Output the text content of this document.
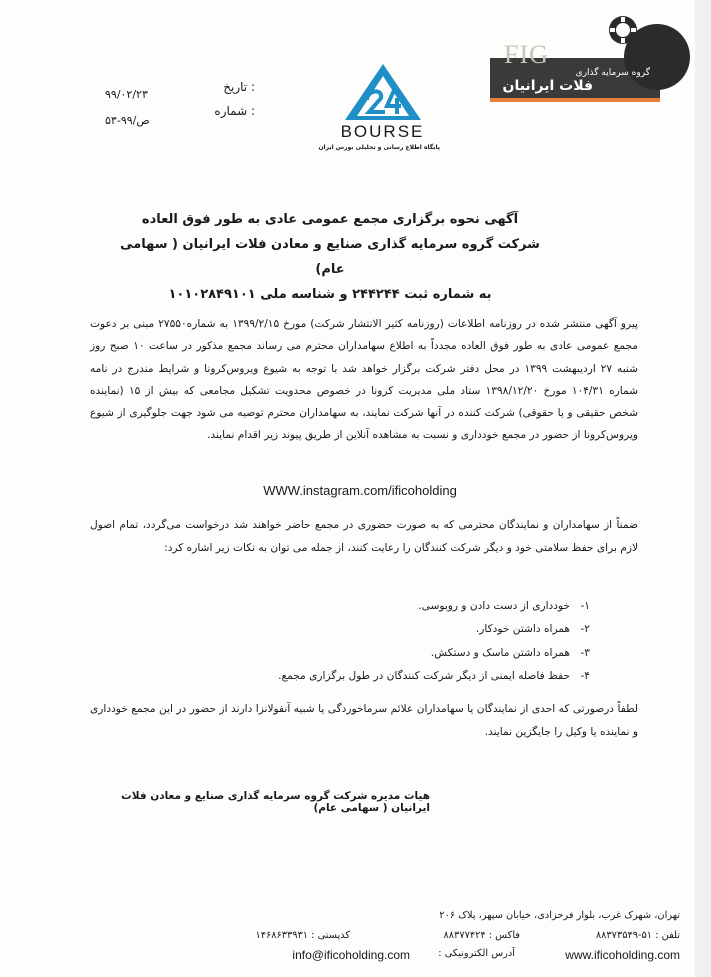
FIG
گروه سرمایه گذاری
فلات ایرانیان
BOURSE
پایگاه اطلاع رسانی و تحلیلی بورس ایران
تاریخ :
۹۹/۰۲/۲۳
شماره :
ص/۹۹-۵۳
آگهی نحوه برگزاری مجمع عمومی عادی به طور فوق العاده
شرکت گروه سرمایه گذاری صنایع و معادن فلات ایرانیان ( سهامی عام)
به شماره ثبت ۲۴۴۲۴۴ و شناسه ملی ۱۰۱۰۲۸۴۹۱۰۱

پیرو آگهی منتشر شده در روزنامه اطلاعات (روزنامه کثیر الانتشار شرکت) مورخ ۱۳۹۹/۲/۱۵ به شماره۲۷۵۵۰ مبنی بر دعوت مجمع عمومی عادی به طور فوق العاده مجدداً به اطلاع سهامداران محترم می رساند مجمع مذکور در ساعت ۱۰ صبح روز شنبه ۲۷ اردیبهشت ۱۳۹۹ در محل دفتر شرکت برگزار خواهد شد با توجه به شیوع ویروس‌کرونا و شرایط مندرج در نامه شماره ۱۰۴/۳۱ مورخ ۱۳۹۸/۱۲/۲۰ ستاد ملی مدیریت کرونا در خصوص محدویت تشکیل مجامعی که بیش از ۱۵ (نماینده شخص حقیقی و یا حقوقی) شرکت کننده در آنها شرکت نمایند، به سهامداران محترم توصیه می شود جهت جلوگیری از شیوع ویروس‌کرونا از حضور در مجمع خودداری و نسبت به مشاهده آنلاین از طریق پیوند زیر اقدام نمایند.

WWW.instagram.com/ificoholding
ضمناً از سهامداران و نمایندگان محترمی که به صورت حضوری در مجمع حاضر خواهند شد درخواست می‌گردد، تمام اصول لازم برای حفظ سلامتی خود و دیگر شرکت کنندگان را رعایت کنند، از جمله می توان به نکات زیر اشاره کرد:
۱-
خودداری از دست دادن و روبوسی.
۲-
همراه داشتن خودکار.
۳-
همراه داشتن ماسک و دستکش.
۴-
حفظ فاصله ایمنی از دیگر شرکت کنندگان در طول برگزاری مجمع.
لطفاً درصورتی که احدی از نمایندگان یا سهامداران علائم سرماخوردگی یا شبیه آنفولانزا دارند از حضور در این مجمع خودداری و نماینده یا وکیل را جایگزین نمایند.
هیات مدیره شرکت گروه سرمایه گذاری صنایع و معادن فلات ایرانیان ( سهامی عام)
تهران، شهرک غرب، بلوار فرحزادی، خیابان سپهر، پلاک ۲۰۶
تلفن : ۵۱-۸۸۳۷۳۵۴۹
فاکس : ۸۸۳۷۷۴۲۴
کدپستی : ۱۴۶۸۶۳۳۹۳۱
www.ificoholding.com
آدرس الکترونیکی :
info@ificoholding.com
